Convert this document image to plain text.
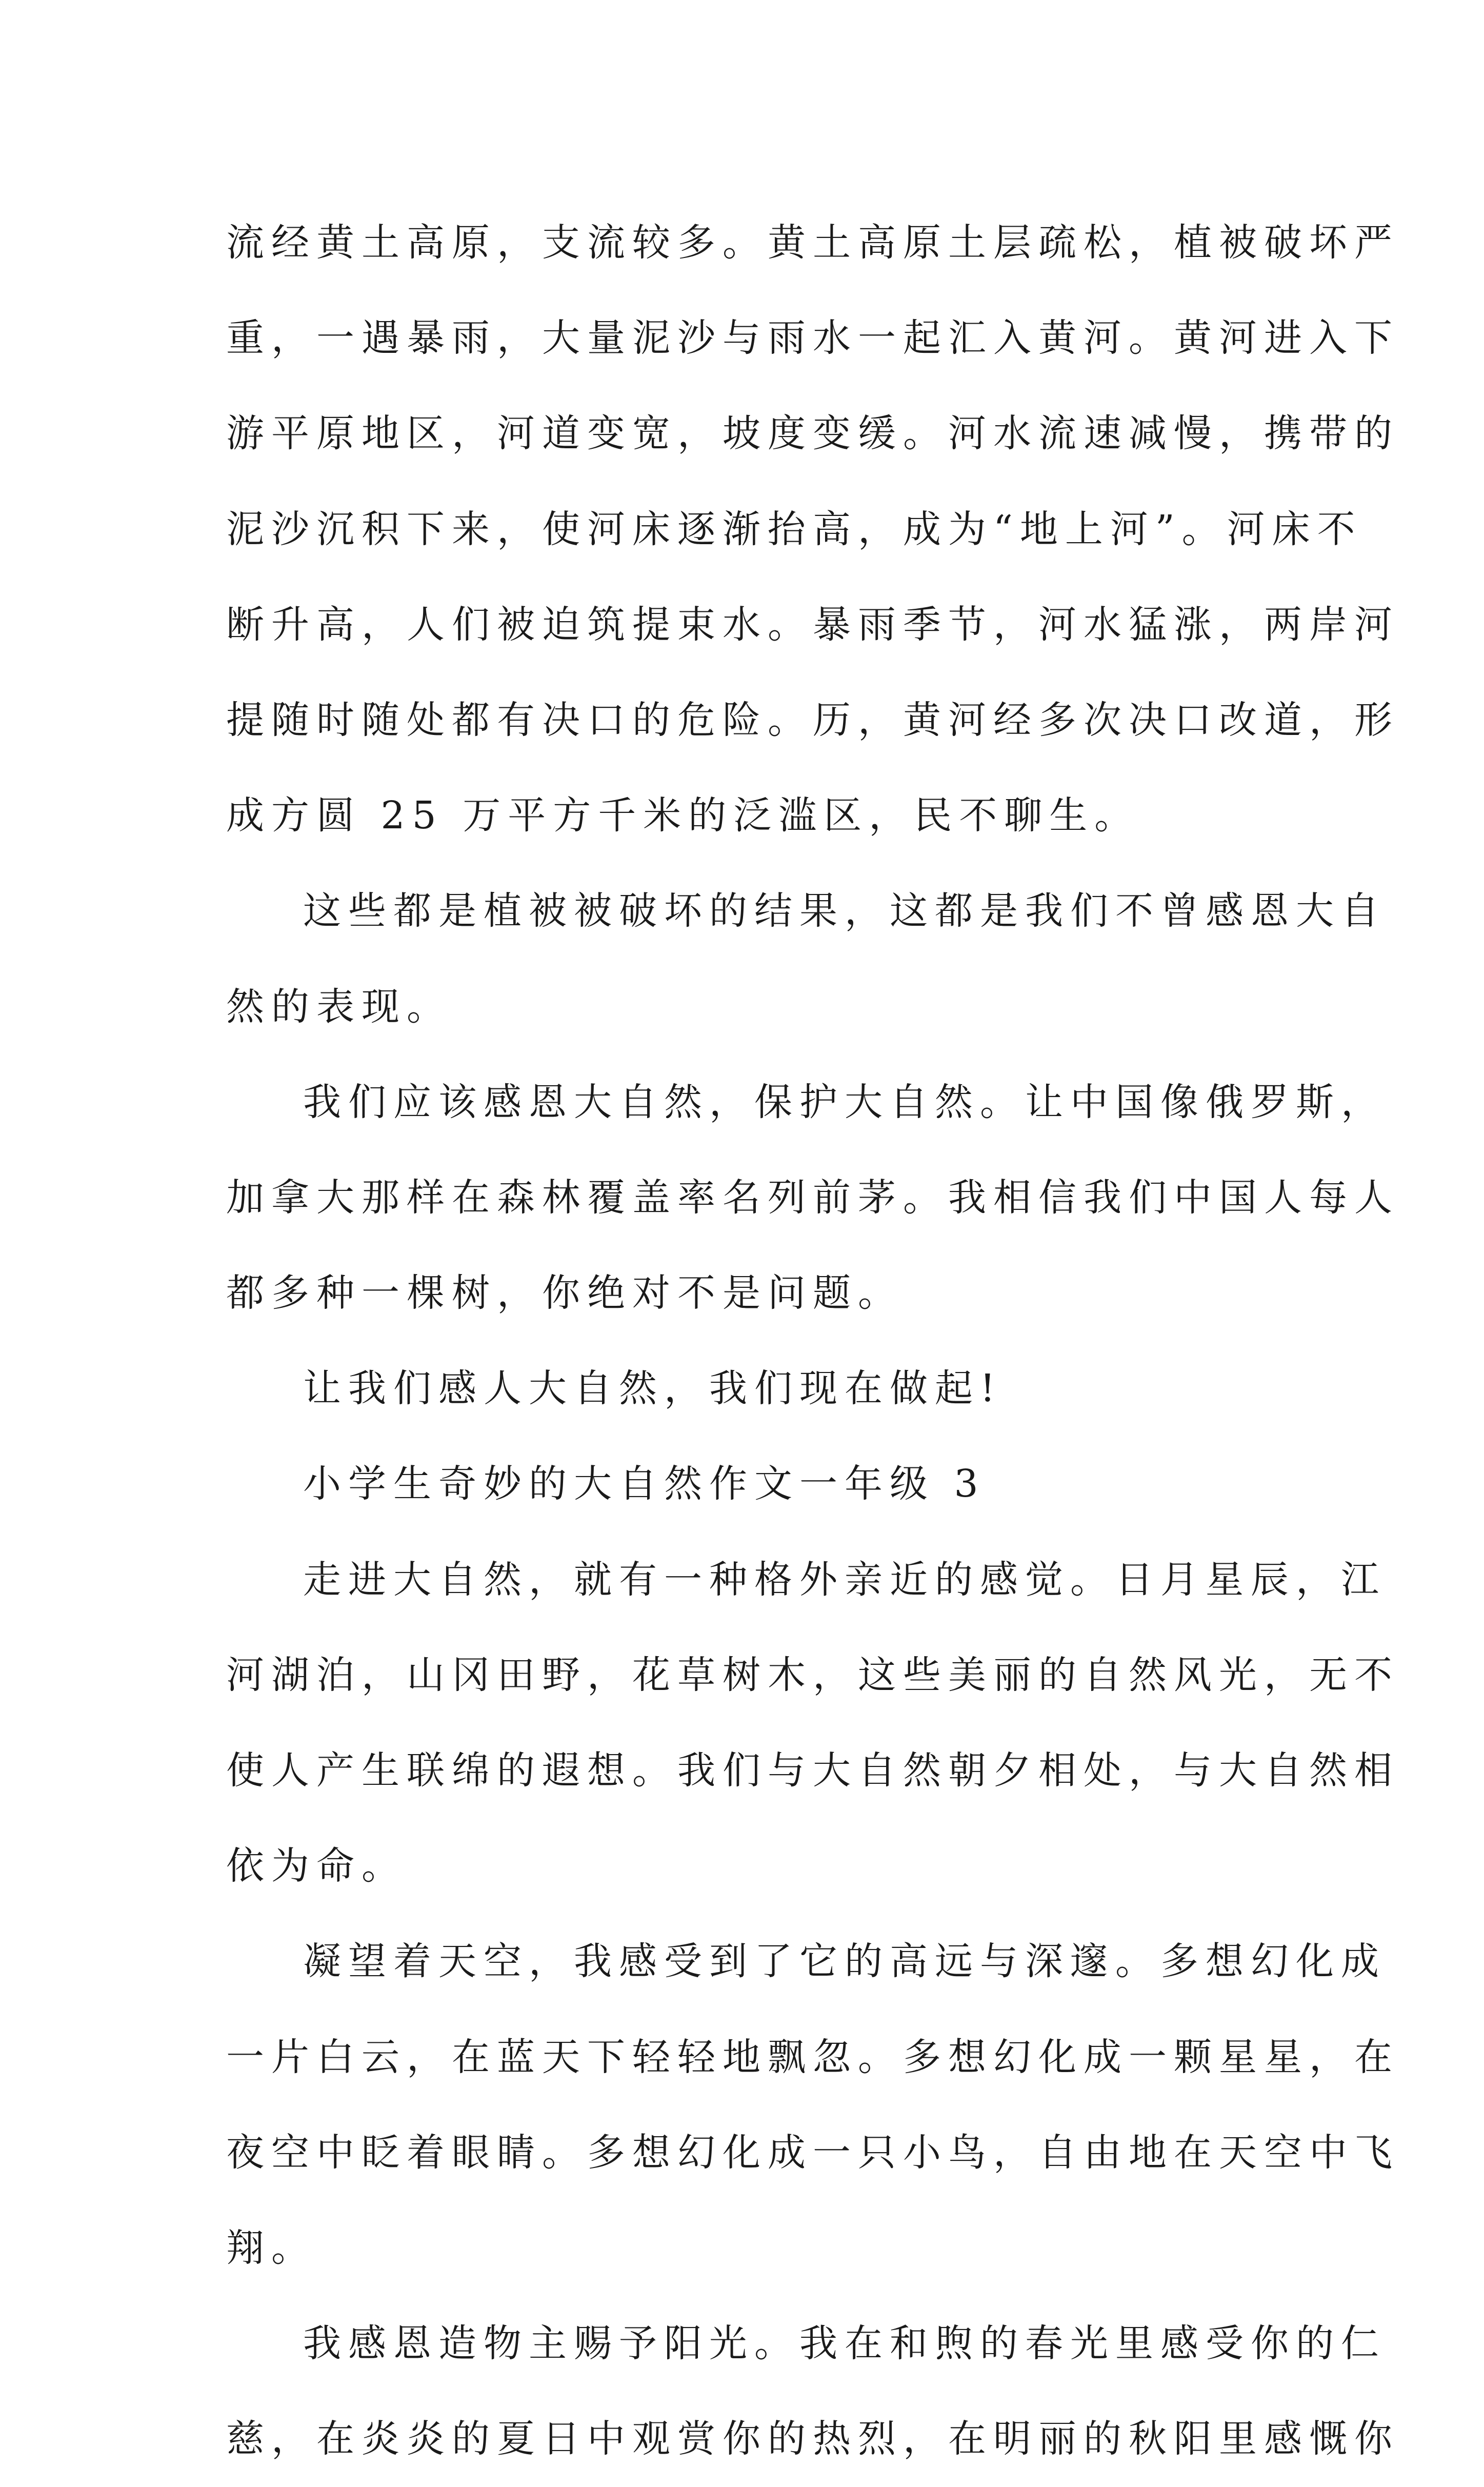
流经黄土高原，支流较多。黄土高原土层疏松，植被破坏严
重，一遇暴雨，大量泥沙与雨水一起汇入黄河。黄河进入下
游平原地区，河道变宽，坡度变缓。河水流速减慢，携带的
泥沙沉积下来，使河床逐渐抬高，成为“地上河”。河床不
断升高，人们被迫筑提束水。暴雨季节，河水猛涨，两岸河
提随时随处都有决口的危险。历，黄河经多次决口改道，形
成方圆 25 万平方千米的泛滥区，民不聊生。
这些都是植被被破坏的结果，这都是我们不曾感恩大自
然的表现。
我们应该感恩大自然，保护大自然。让中国像俄罗斯，
加拿大那样在森林覆盖率名列前茅。我相信我们中国人每人
都多种一棵树，你绝对不是问题。
让我们感人大自然，我们现在做起!
小学生奇妙的大自然作文一年级 3
走进大自然，就有一种格外亲近的感觉。日月星辰，江
河湖泊，山冈田野，花草树木，这些美丽的自然风光，无不
使人产生联绵的遐想。我们与大自然朝夕相处，与大自然相
依为命。
凝望着天空，我感受到了它的高远与深邃。多想幻化成
一片白云，在蓝天下轻轻地飘忽。多想幻化成一颗星星，在
夜空中眨着眼睛。多想幻化成一只小鸟，自由地在天空中飞
翔。
我感恩造物主赐予阳光。我在和煦的春光里感受你的仁
慈，在炎炎的夏日中观赏你的热烈，在明丽的秋阳里感慨你
